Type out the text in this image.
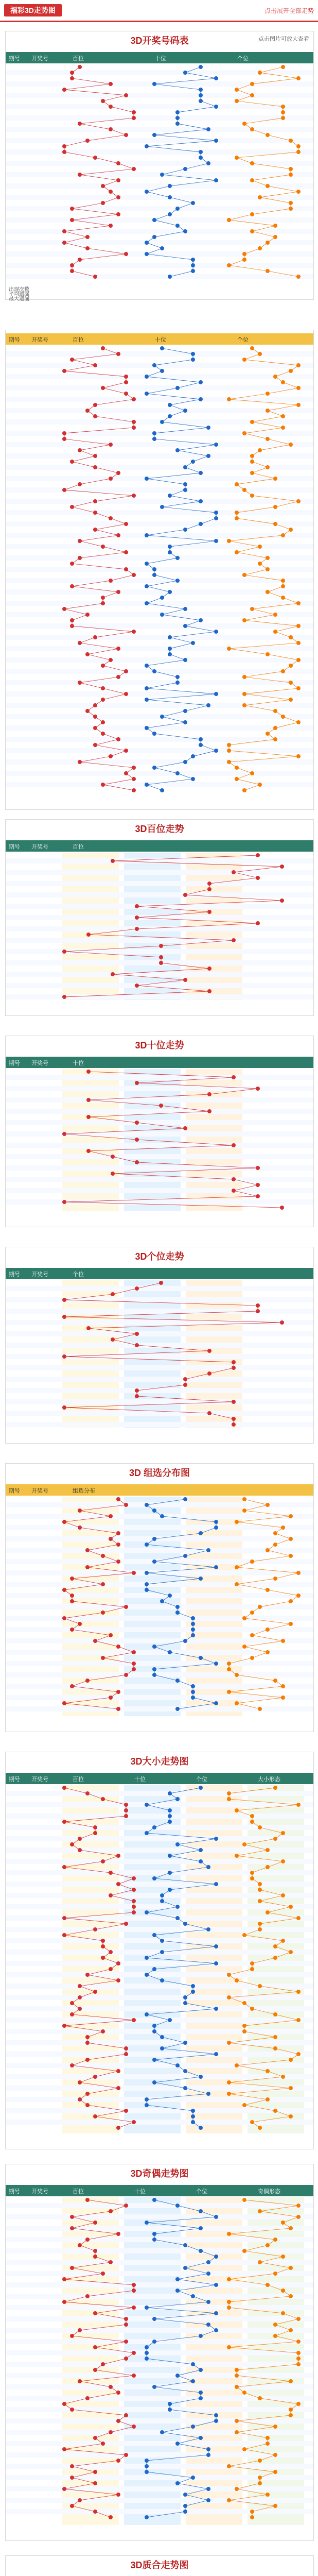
福彩3D走势图	点击展开全部走势
3D开奖号码表	点击图片可放大查看
期号 开奖号	百位	十位	个位
出现次数
平均遗漏
最大遗漏
期号 开奖号	百位	十位	个位
3D百位走势
期号 开奖号	百位
3D十位走势
期号 开奖号	十位
3D个位走势
期号 开奖号	个位
3D 组选分布图
期号 开奖号	组选分布
3D大小走势图
期号 开奖号	百位	十位	个位	大小形态
3D奇偶走势图
期号 开奖号	百位	十位	个位	奇偶形态
3D质合走势图
